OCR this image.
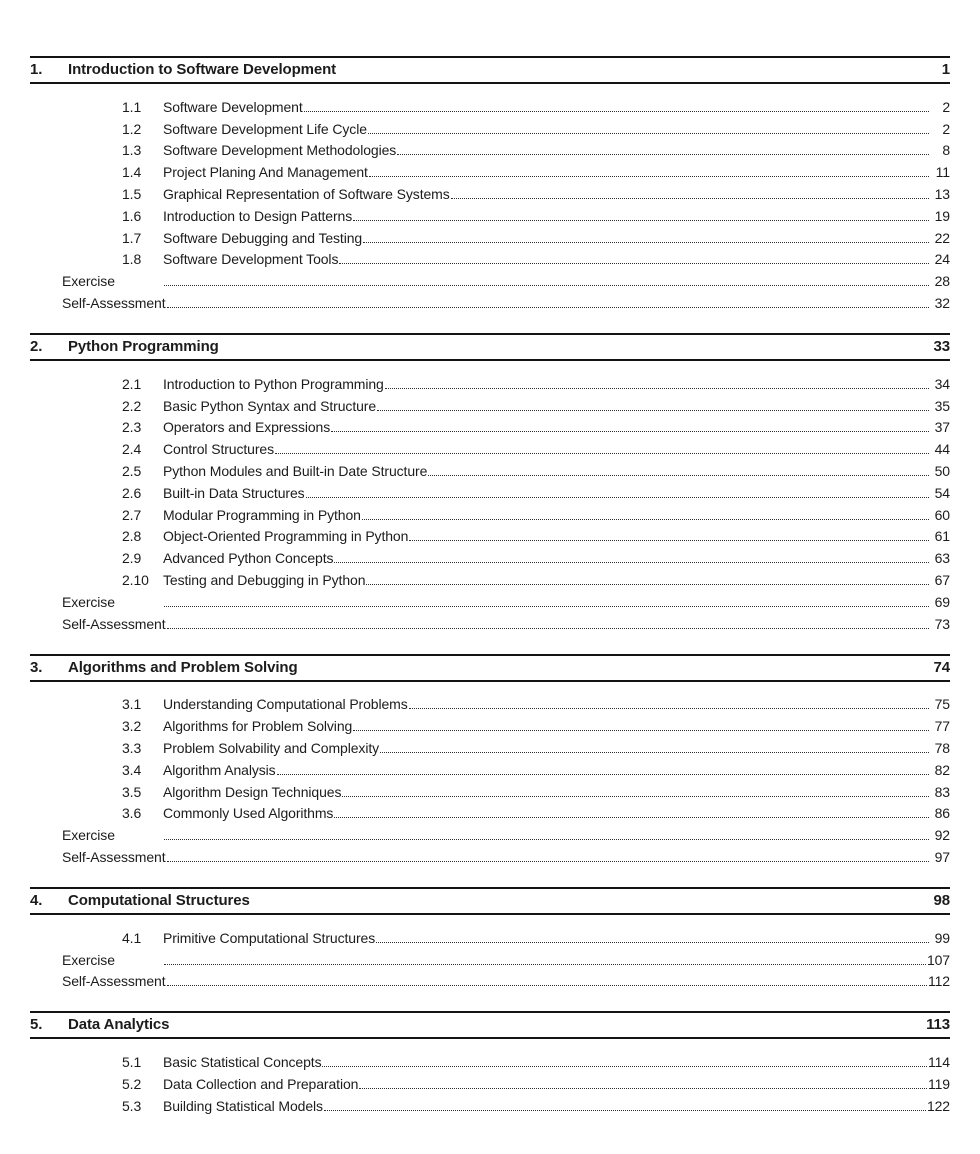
1.	Introduction to Software Development	1
1.1	Software Development	2
1.2	Software Development Life Cycle	2
1.3	Software Development Methodologies	8
1.4	Project Planing And Management	11
1.5	Graphical Representation of Software Systems	13
1.6	Introduction to Design Patterns	19
1.7	Software Debugging and Testing	22
1.8	Software Development Tools	24
Exercise	28
Self-Assessment	32
2.	Python Programming	33
2.1	Introduction to Python Programming	34
2.2	Basic Python Syntax and Structure	35
2.3	Operators and Expressions	37
2.4	Control Structures	44
2.5	Python Modules and Built-in Date Structure	50
2.6	Built-in Data Structures	54
2.7	Modular Programming in Python	60
2.8	Object-Oriented Programming in Python	61
2.9	Advanced Python Concepts	63
2.10	Testing and Debugging in Python	67
Exercise	69
Self-Assessment	73
3.	Algorithms and Problem Solving	74
3.1	Understanding Computational Problems	75
3.2	Algorithms for Problem Solving	77
3.3	Problem Solvability and Complexity	78
3.4	Algorithm Analysis	82
3.5	Algorithm Design Techniques	83
3.6	Commonly Used Algorithms	86
Exercise	92
Self-Assessment	97
4.	Computational Structures	98
4.1	Primitive Computational Structures	99
Exercise	107
Self-Assessment	112
5.	Data Analytics	113
5.1	Basic Statistical Concepts	114
5.2	Data Collection and Preparation	119
5.3	Building Statistical Models	122
